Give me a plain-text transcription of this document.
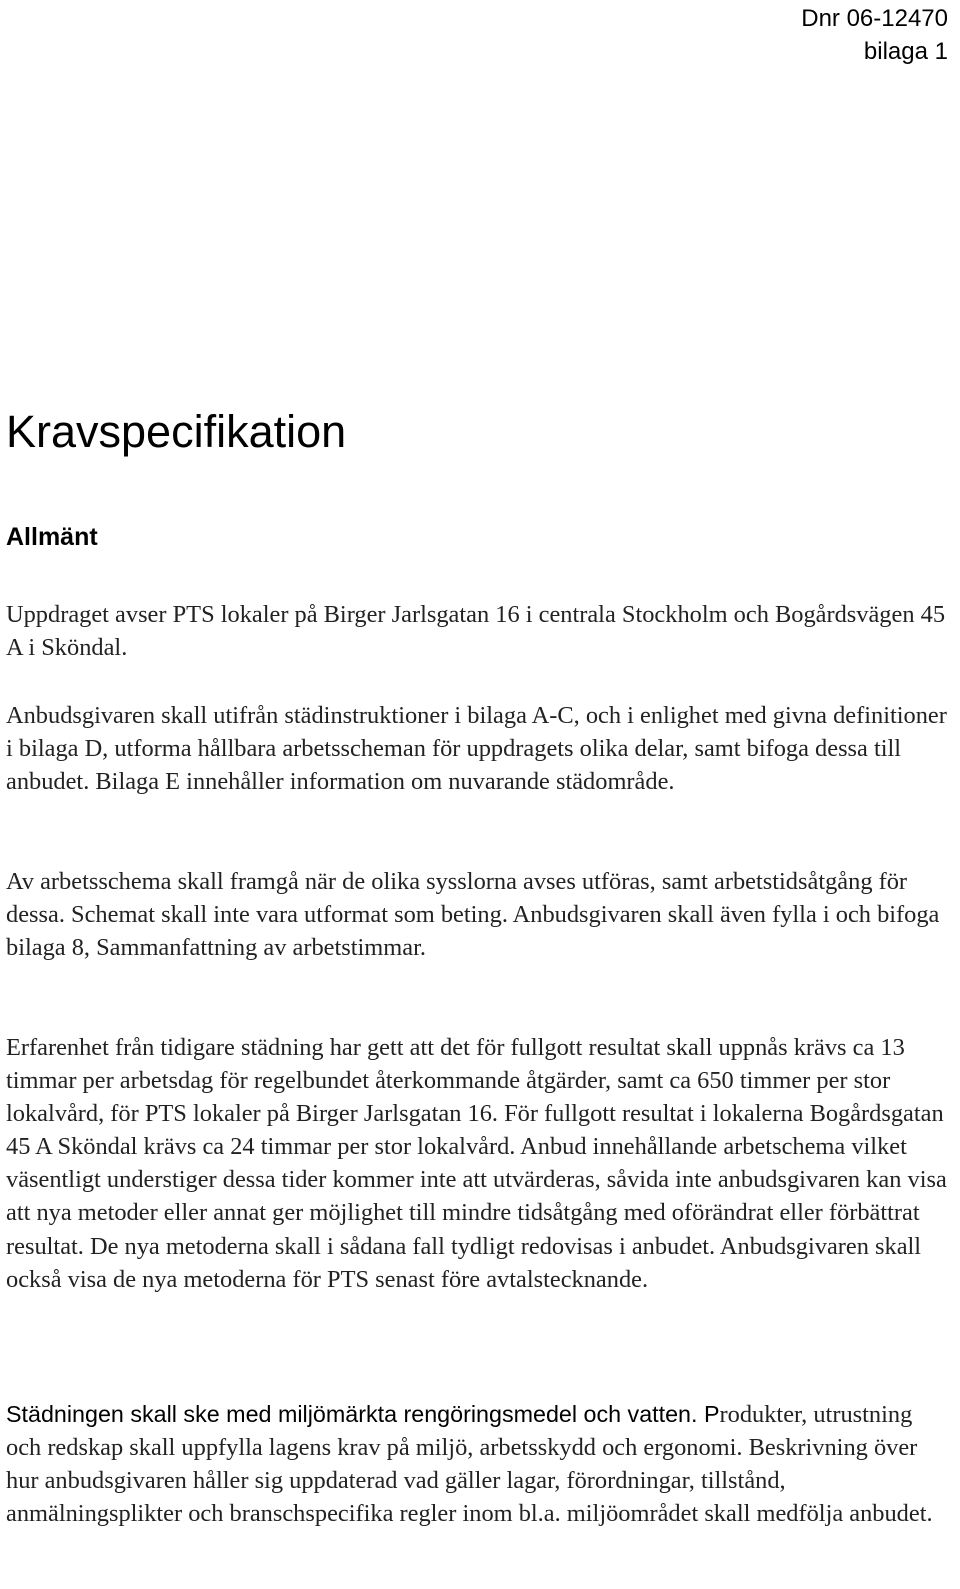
Dnr 06-12470
bilaga 1
Kravspecifikation
Allmänt

Uppdraget avser PTS lokaler på Birger Jarlsgatan 16 i centrala Stockholm och Bogårdsvägen 45 A i Sköndal.

Anbudsgivaren skall utifrån städinstruktioner i bilaga A-C, och i enlighet med givna definitioner i bilaga D, utforma hållbara arbetsscheman för uppdragets olika delar, samt bifoga dessa till anbudet. Bilaga E innehåller information om nuvarande städområde.

Av arbetsschema skall framgå när de olika sysslorna avses utföras, samt arbetstidsåtgång för dessa. Schemat skall inte vara utformat som beting. Anbudsgivaren skall även fylla i och bifoga bilaga 8, Sammanfattning av arbetstimmar.

Erfarenhet från tidigare städning har gett att det för fullgott resultat skall uppnås krävs ca 13 timmar per arbetsdag för regelbundet återkommande åtgärder, samt ca 650 timmer per stor lokalvård, för PTS lokaler på Birger Jarlsgatan 16. För fullgott resultat i lokalerna Bogårdsgatan 45 A Sköndal krävs ca 24 timmar per stor lokalvård. Anbud innehållande arbetschema vilket väsentligt understiger dessa tider kommer inte att utvärderas, såvida inte anbudsgivaren kan visa att nya metoder eller annat ger möjlighet till mindre tidsåtgång med oförändrat eller förbättrat resultat. De nya metoderna skall i sådana fall tydligt redovisas i anbudet. Anbudsgivaren skall också visa de nya metoderna för PTS senast före avtalstecknande.

Städningen skall ske med miljömärkta rengöringsmedel och vatten. Produkter, utrustning och redskap skall uppfylla lagens krav på miljö, arbetsskydd och ergonomi. Beskrivning över hur anbudsgivaren håller sig uppdaterad vad gäller lagar, förordningar, tillstånd, anmälningsplikter och branschspecifika regler inom bl.a. miljöområdet skall medfölja anbudet.
